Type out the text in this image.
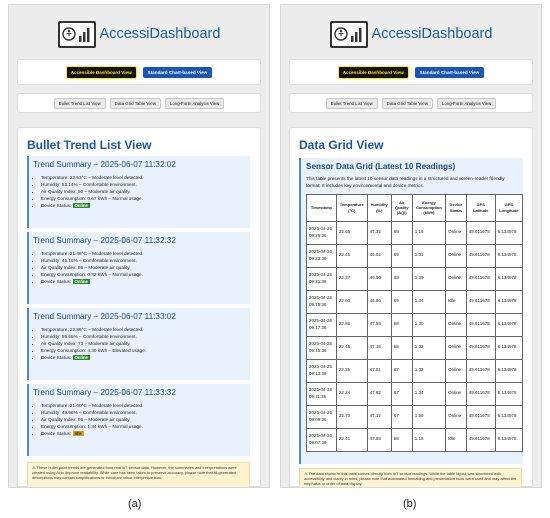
AccessiDashboard
Accessible Dashboard View	Standard Chart-based View
Bullet Trend List View	Data Grid Table View	Long-Form Analysis View
Bullet Trend List View
Trend Summary – 2025-06-07 11:32:02
• Temperature: 22.53°C – Moderate level detected.
• Humidity: 53.14% – Comfortable environment.
• Air Quality Index: 90 – Moderate air quality.
• Energy Consumption: 0.67 kWh – Normal usage.
• Device Status: Online
Trend Summary – 2025-06-07 11:32:32
• Temperature: 21.48°C – Moderate level detected.
• Humidity: 45.15% – Comfortable environment.
• Air Quality Index: 86 – Moderate air quality.
• Energy Consumption: 0.32 kWh – Normal usage.
• Device Status: Online
Trend Summary – 2025-06-07 11:33:02
• Temperature: 22.86°C – Moderate level detected.
• Humidity: 55.55% – Comfortable environment.
• Air Quality Index: 73 – Moderate air quality.
• Energy Consumption: 4.30 kWh – Elevated usage.
• Device Status: Online
Trend Summary – 2025-06-07 11:33:32
• Temperature: 21.60°C – Moderate level detected.
• Humidity: 49.96% – Comfortable environment.
• Air Quality Index: 95 – Moderate air quality.
• Energy Consumption: 1.34 kWh – Normal usage.
• Device Status: Idle
⚠ These bullet point trends are generated from real IoT sensor data. However, the summaries and interpretations were created using AI to improve readability. While care has been taken to preserve accuracy, please note that AI-generated descriptions may contain simplifications or introduce minor interpretive bias.
AccessiDashboard
Accessible Dashboard View	Standard Chart-based View
Bullet Trend List View	Data Grid Table View	Long-Form Analysis View
Data Grid View
Sensor Data Grid (Latest 10 Readings)
This table presents the latest 10 sensor data readings in a structured and screen-reader friendly format. It includes key environmental and device metrics.
Timestamp	Temperature (°C)	Humidity (%)	Air Quality (AQI)	Energy Consumption (kWh)	Device Status	GPS Latitude	GPS Longitude
2025-04-26 09:25:36	22.66	47.32	69	1.16	Online	49.611678	6.134978
2025-04-26 09:23:36	22.45	46.02	69	1.31	Online	49.611678	6.134978
2025-04-26 09:21:36	22.37	46.50	68	1.39	Online	49.611678	6.134978
2025-04-26 09:19:36	22.60	46.96	69	1.34	Idle	49.611678	6.134978
2025-04-26 09:17:36	22.86	47.55	68	1.30	Online	49.611678	6.134978
2025-04-26 09:15:36	22.48	47.15	68	1.32	Online	49.611678	6.134978
2025-04-26 09:13:36	22.35	47.81	67	1.33	Online	49.611678	6.134978
2025-04-26 09:11:36	22.24	47.82	67	1.34	Online	49.611678	6.134978
2025-04-26 09:09:36	22.70	47.12	67	1.59	Online	49.611678	6.134978
2025-04-26 09:07:36	22.41	47.68	68	1.18	Idle	49.611678	6.134978
⚠ The data shown in this table comes directly from IoT sensor readings. While the table layout was structured with accessibility and clarity in mind, please note that automated formatting and presentation tools were used and may affect the emphasis or order of data display.
(a)	(b)
